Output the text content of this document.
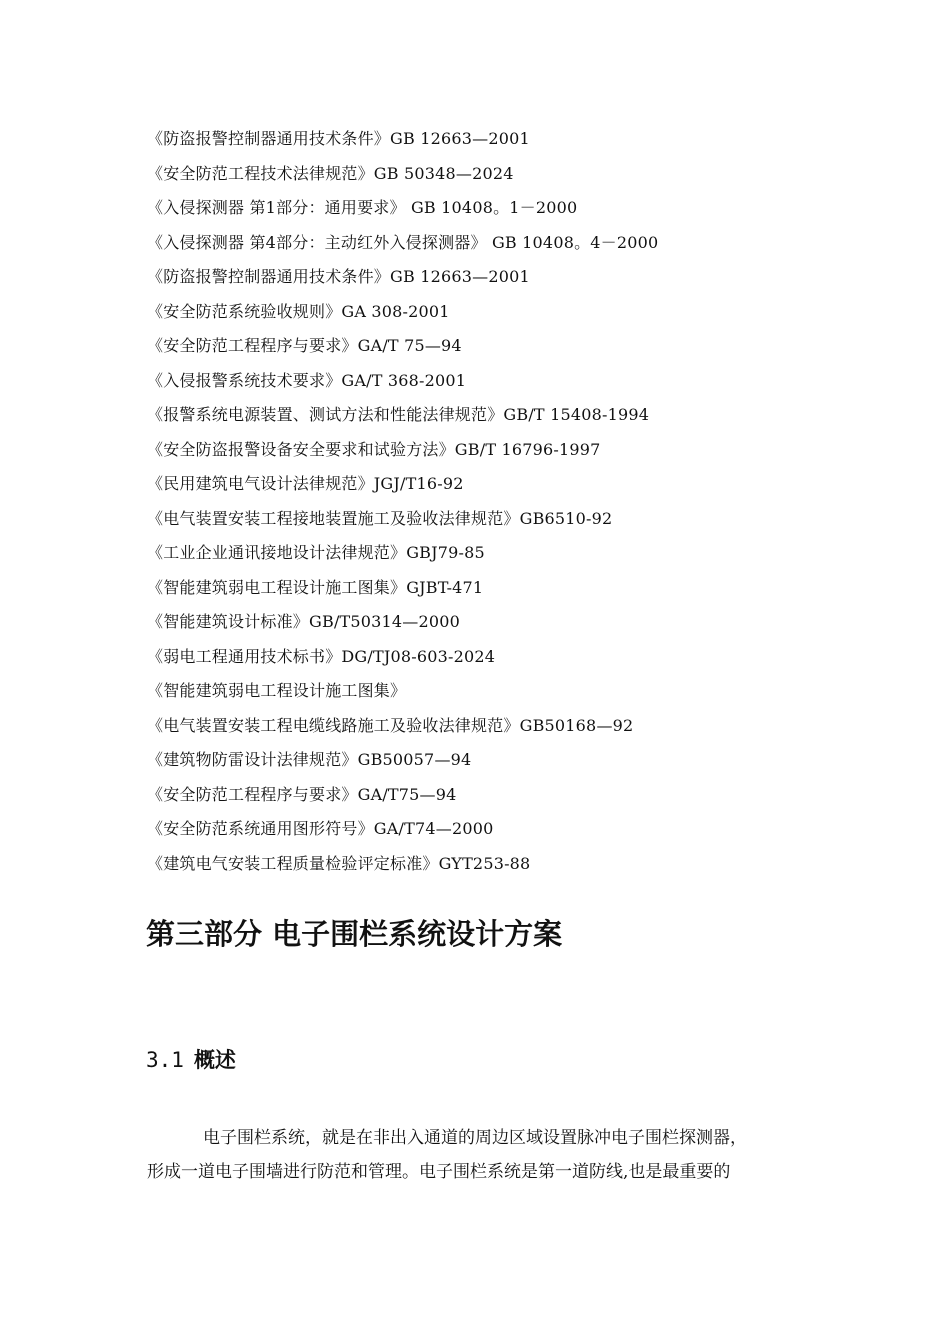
《防盗报警控制器通用技术条件》GB 12663—2001
《安全防范工程技术法律规范》GB 50348—2024
《入侵探测器 第1部分：通用要求》 GB 10408。1－2000
《入侵探测器 第4部分：主动红外入侵探测器》 GB 10408。4－2000
《防盗报警控制器通用技术条件》GB 12663—2001
《安全防范系统验收规则》GA 308-2001
《安全防范工程程序与要求》GA/T 75—94
《入侵报警系统技术要求》GA/T 368-2001
《报警系统电源装置、测试方法和性能法律规范》GB/T 15408-1994
《安全防盗报警设备安全要求和试验方法》GB/T 16796-1997
《民用建筑电气设计法律规范》JGJ/T16-92
《电气装置安装工程接地装置施工及验收法律规范》GB6510-92
《工业企业通讯接地设计法律规范》GBJ79-85
《智能建筑弱电工程设计施工图集》GJBT-471
《智能建筑设计标准》GB/T50314—2000
《弱电工程通用技术标书》DG/TJ08-603-2024
《智能建筑弱电工程设计施工图集》
《电气装置安装工程电缆线路施工及验收法律规范》GB50168—92
《建筑物防雷设计法律规范》GB50057—94
《安全防范工程程序与要求》GA/T75—94
《安全防范系统通用图形符号》GA/T74—2000
《建筑电气安装工程质量检验评定标准》GYT253-88
第三部分 电子围栏系统设计方案
3.1 概述

电子围栏系统，就是在非出入通道的周边区域设置脉冲电子围栏探测器，
形成一道电子围墙进行防范和管理。电子围栏系统是第一道防线,也是最重要的
